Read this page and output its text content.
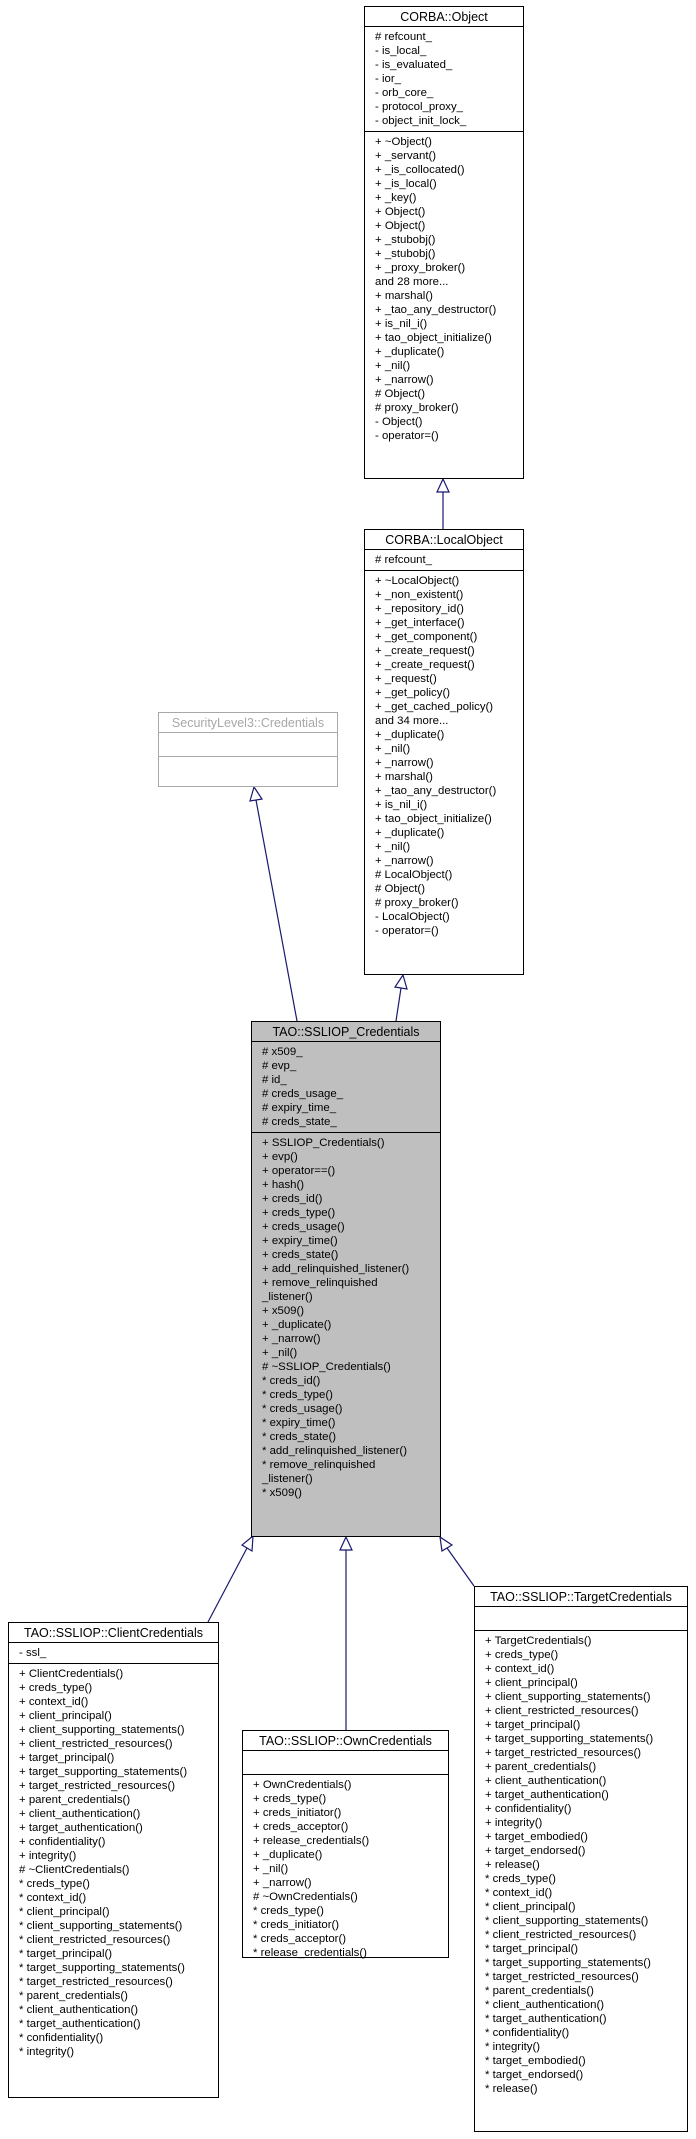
CORBA::Object
# refcount_
- is_local_
- is_evaluated_
- ior_
- orb_core_
- protocol_proxy_
- object_init_lock_
+ ~Object()
+ _servant()
+ _is_collocated()
+ _is_local()
+ _key()
+ Object()
+ Object()
+ _stubobj()
+ _stubobj()
+ _proxy_broker()
and 28 more...
+ marshal()
+ _tao_any_destructor()
+ is_nil_i()
+ tao_object_initialize()
+ _duplicate()
+ _nil()
+ _narrow()
# Object()
# proxy_broker()
- Object()
- operator=()
CORBA::LocalObject
# refcount_
+ ~LocalObject()
+ _non_existent()
+ _repository_id()
+ _get_interface()
+ _get_component()
+ _create_request()
+ _create_request()
+ _request()
+ _get_policy()
+ _get_cached_policy()
and 34 more...
+ _duplicate()
+ _nil()
+ _narrow()
+ marshal()
+ _tao_any_destructor()
+ is_nil_i()
+ tao_object_initialize()
+ _duplicate()
+ _nil()
+ _narrow()
# LocalObject()
# Object()
# proxy_broker()
- LocalObject()
- operator=()
SecurityLevel3::Credentials
TAO::SSLIOP_Credentials
# x509_
# evp_
# id_
# creds_usage_
# expiry_time_
# creds_state_
+ SSLIOP_Credentials()
+ evp()
+ operator==()
+ hash()
+ creds_id()
+ creds_type()
+ creds_usage()
+ expiry_time()
+ creds_state()
+ add_relinquished_listener()
+ remove_relinquished
_listener()
+ x509()
+ _duplicate()
+ _narrow()
+ _nil()
# ~SSLIOP_Credentials()
* creds_id()
* creds_type()
* creds_usage()
* expiry_time()
* creds_state()
* add_relinquished_listener()
* remove_relinquished
_listener()
* x509()
TAO::SSLIOP::ClientCredentials
- ssl_
+ ClientCredentials()
+ creds_type()
+ context_id()
+ client_principal()
+ client_supporting_statements()
+ client_restricted_resources()
+ target_principal()
+ target_supporting_statements()
+ target_restricted_resources()
+ parent_credentials()
+ client_authentication()
+ target_authentication()
+ confidentiality()
+ integrity()
# ~ClientCredentials()
* creds_type()
* context_id()
* client_principal()
* client_supporting_statements()
* client_restricted_resources()
* target_principal()
* target_supporting_statements()
* target_restricted_resources()
* parent_credentials()
* client_authentication()
* target_authentication()
* confidentiality()
* integrity()
TAO::SSLIOP::OwnCredentials
+ OwnCredentials()
+ creds_type()
+ creds_initiator()
+ creds_acceptor()
+ release_credentials()
+ _duplicate()
+ _nil()
+ _narrow()
# ~OwnCredentials()
* creds_type()
* creds_initiator()
* creds_acceptor()
* release_credentials()
TAO::SSLIOP::TargetCredentials
+ TargetCredentials()
+ creds_type()
+ context_id()
+ client_principal()
+ client_supporting_statements()
+ client_restricted_resources()
+ target_principal()
+ target_supporting_statements()
+ target_restricted_resources()
+ parent_credentials()
+ client_authentication()
+ target_authentication()
+ confidentiality()
+ integrity()
+ target_embodied()
+ target_endorsed()
+ release()
* creds_type()
* context_id()
* client_principal()
* client_supporting_statements()
* client_restricted_resources()
* target_principal()
* target_supporting_statements()
* target_restricted_resources()
* parent_credentials()
* client_authentication()
* target_authentication()
* confidentiality()
* integrity()
* target_embodied()
* target_endorsed()
* release()
